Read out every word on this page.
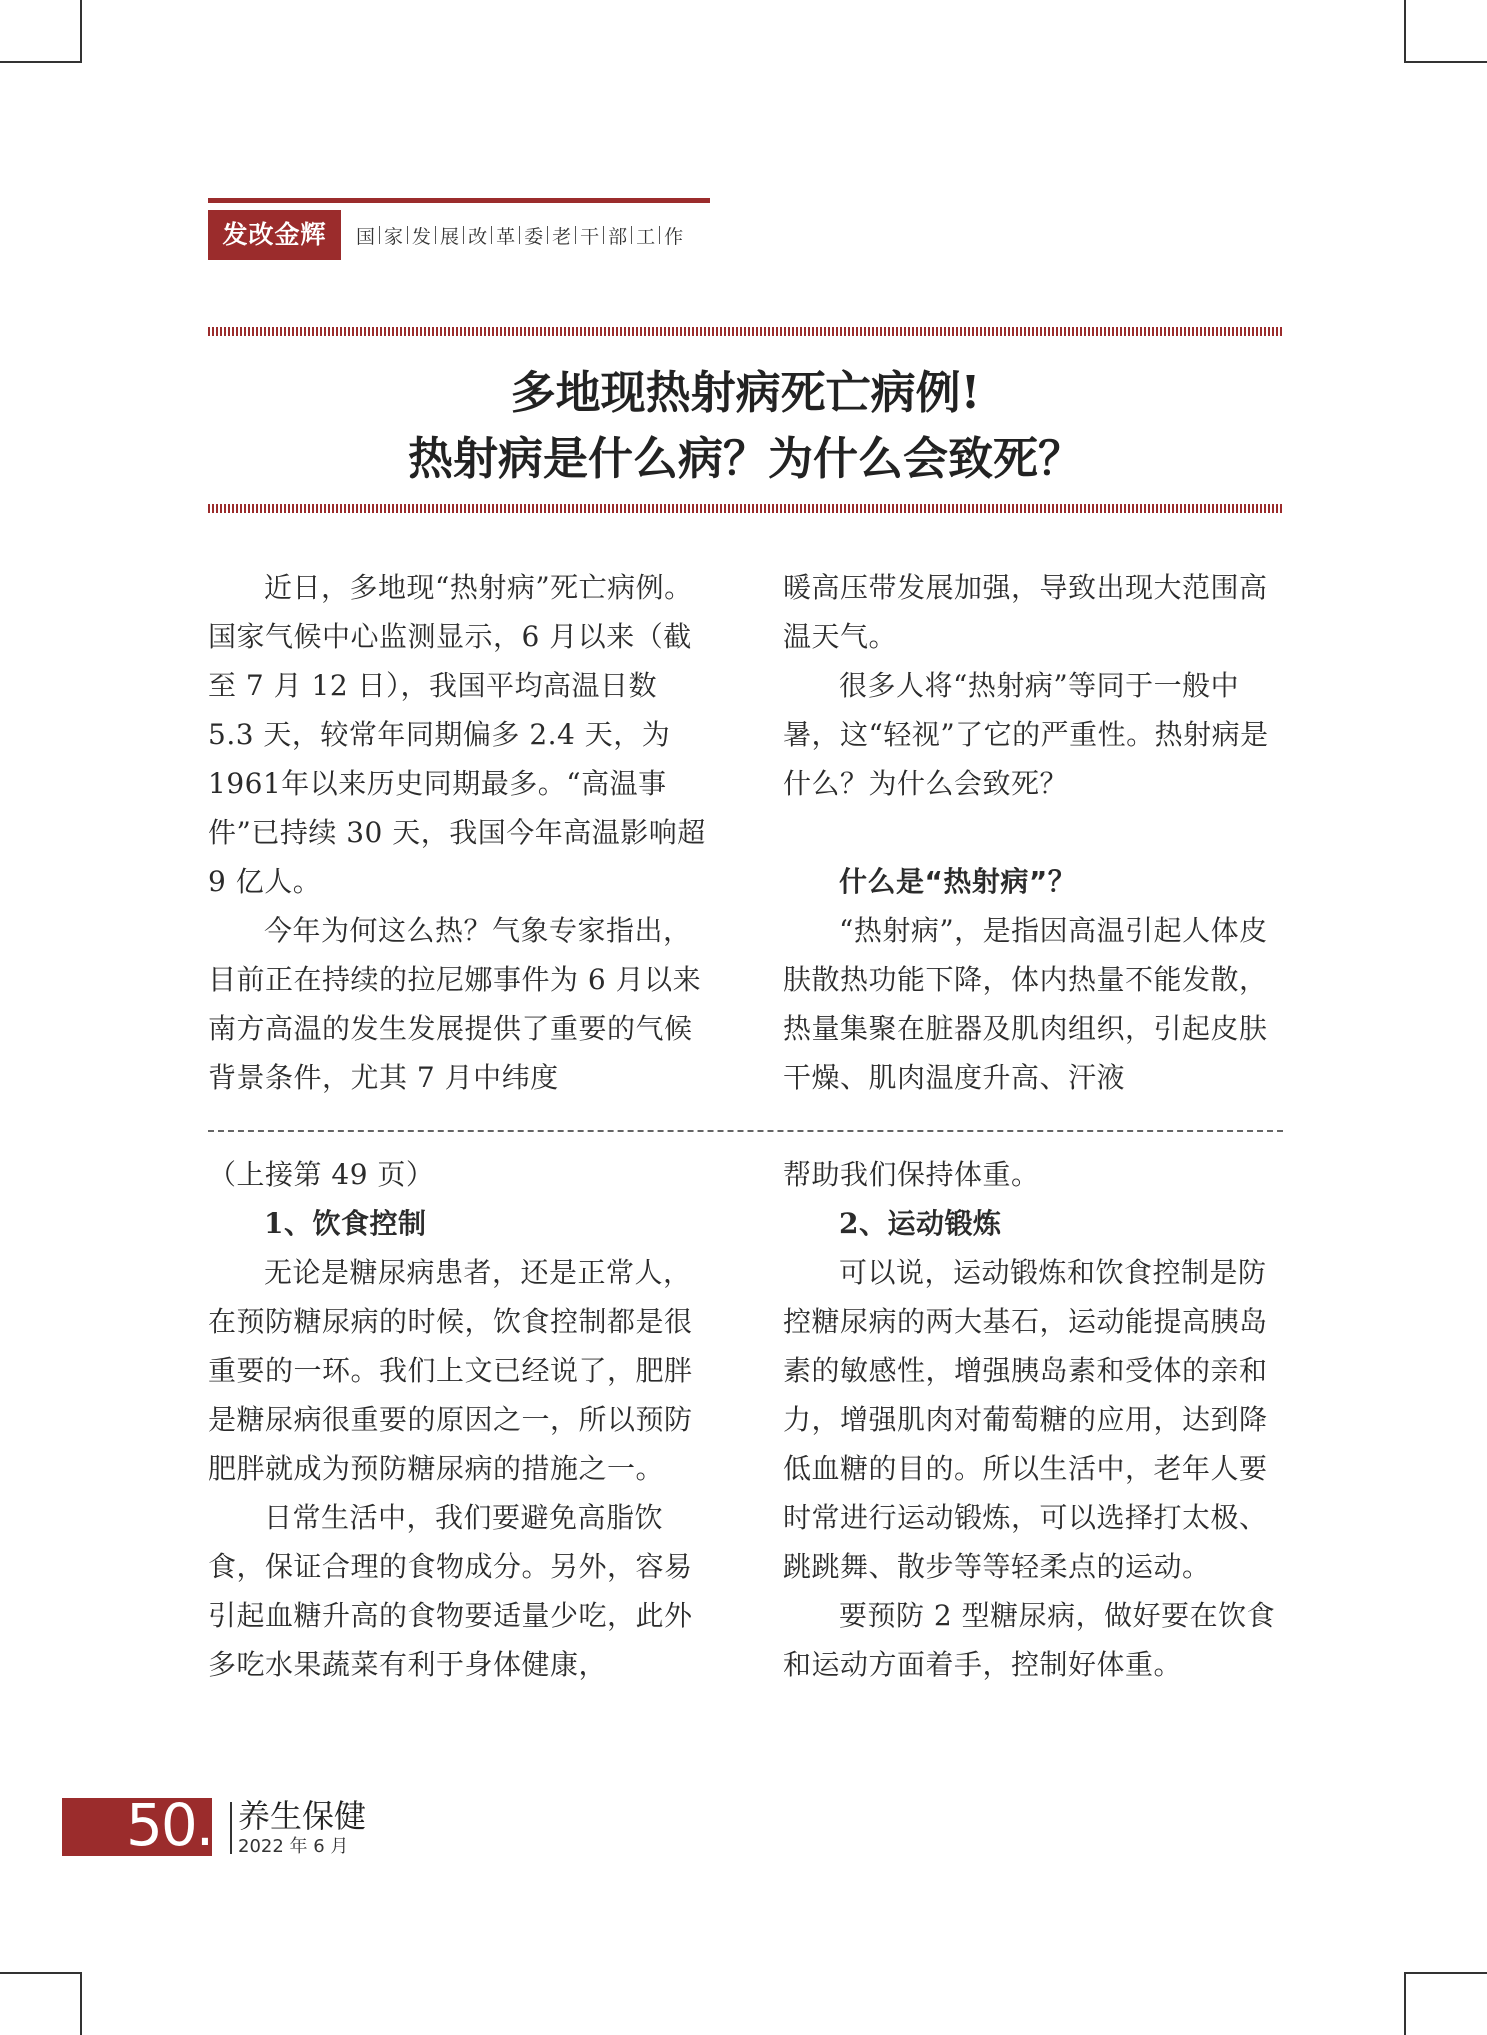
发改金辉	国 家 发 展 改 革 委 老 干 部 工 作
多地现热射病死亡病例!
热射病是什么病？为什么会致死？

近日，多地现“热射病”死亡病例。国家气候中心监测显示，6 月以来（截至 7 月 12 日），我国平均高温日数 5.3 天，较常年同期偏多 2.4 天，为1961年以来历史同期最多。“高温事件”已持续 30 天，我国今年高温影响超 9 亿人。

今年为何这么热？气象专家指出，目前正在持续的拉尼娜事件为 6 月以来南方高温的发生发展提供了重要的气候背景条件，尤其 7 月中纬度

暖高压带发展加强，导致出现大范围高温天气。

很多人将“热射病”等同于一般中暑，这“轻视”了它的严重性。热射病是什么？为什么会致死？

什么是“热射病”？

“热射病”，是指因高温引起人体皮肤散热功能下降，体内热量不能发散，热量集聚在脏器及肌肉组织，引起皮肤干燥、肌肉温度升高、汗液

（上接第 49 页）

1、饮食控制

无论是糖尿病患者，还是正常人，在预防糖尿病的时候，饮食控制都是很重要的一环。我们上文已经说了，肥胖是糖尿病很重要的原因之一，所以预防肥胖就成为预防糖尿病的措施之一。

日常生活中，我们要避免高脂饮食，保证合理的食物成分。另外，容易引起血糖升高的食物要适量少吃，此外多吃水果蔬菜有利于身体健康，

帮助我们保持体重。

2、运动锻炼

可以说，运动锻炼和饮食控制是防控糖尿病的两大基石，运动能提高胰岛素的敏感性，增强胰岛素和受体的亲和力，增强肌肉对葡萄糖的应用，达到降低血糖的目的。所以生活中，老年人要时常进行运动锻炼，可以选择打太极、跳跳舞、散步等等轻柔点的运动。

要预防 2 型糖尿病，做好要在饮食和运动方面着手，控制好体重。

50. 养生保健
2022 年 6 月
